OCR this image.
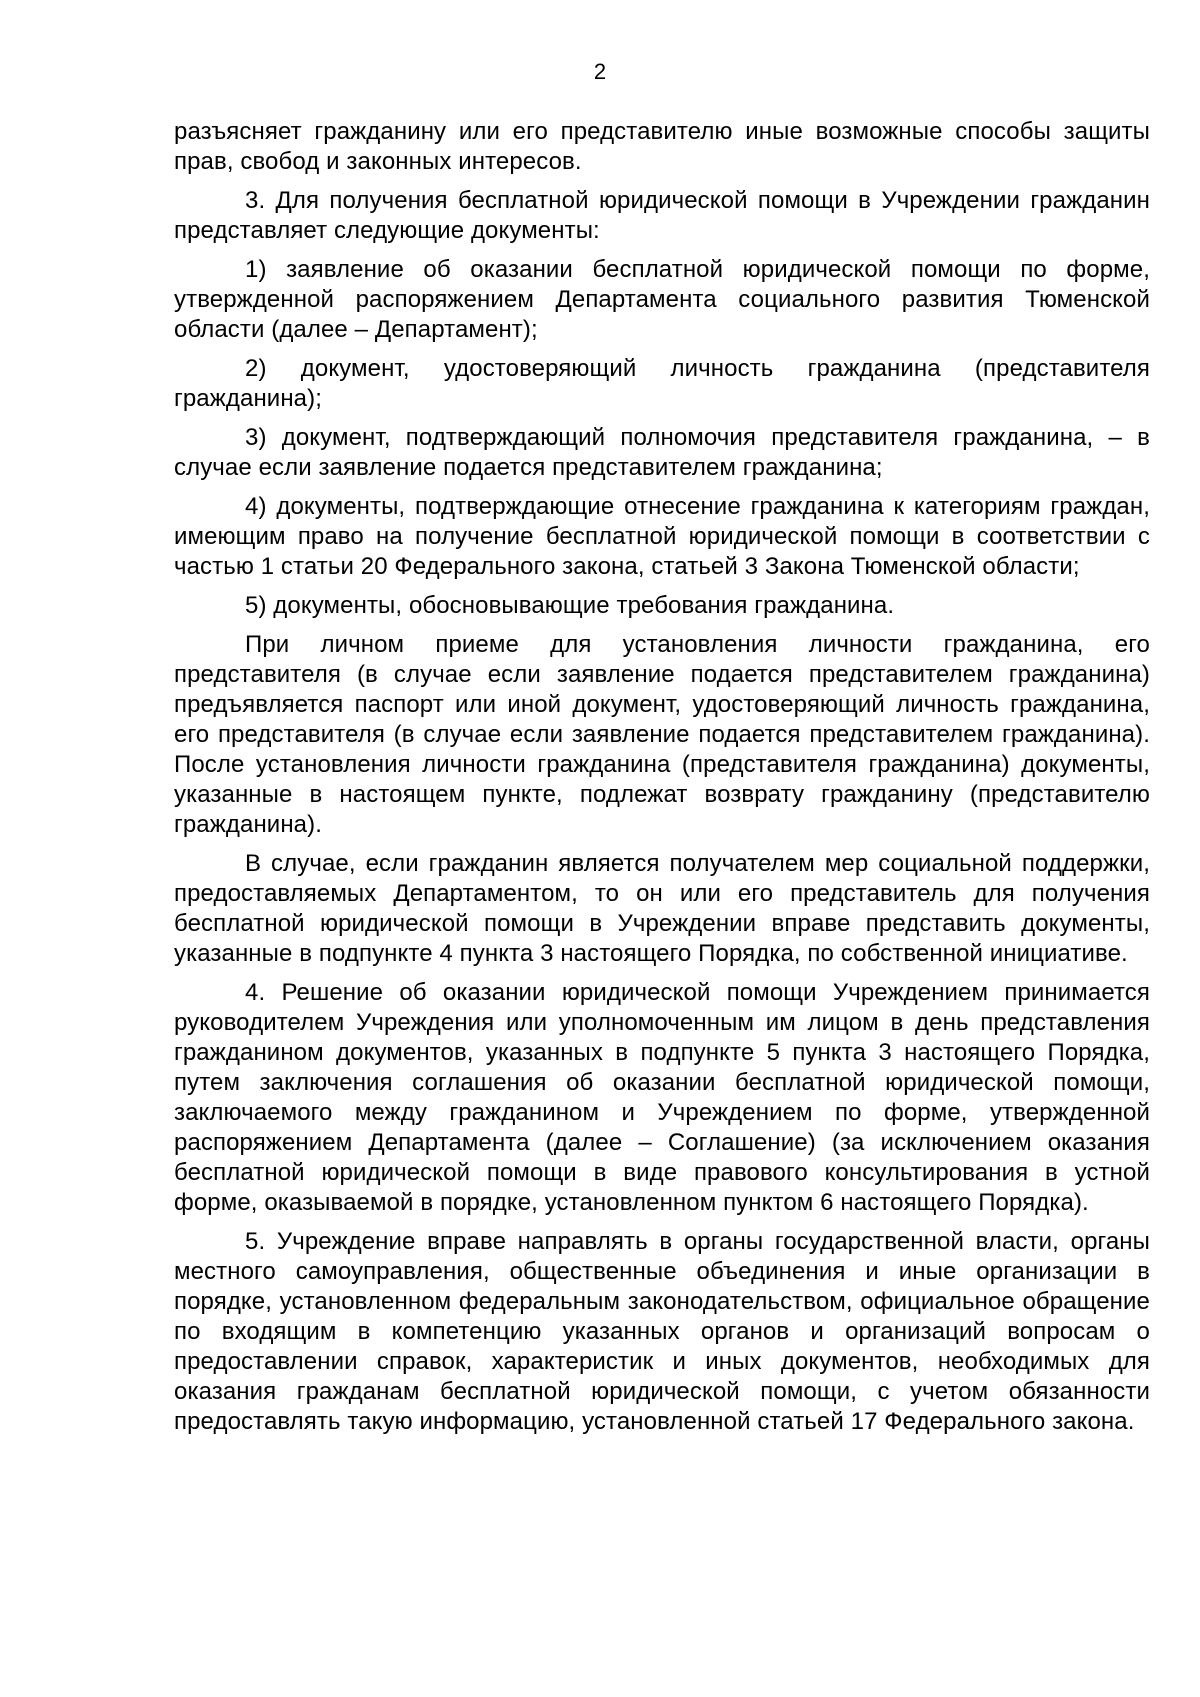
2

разъясняет гражданину или его представителю иные возможные способы защиты прав, свобод и законных интересов.

3. Для получения бесплатной юридической помощи в Учреждении гражданин представляет следующие документы:

1) заявление об оказании бесплатной юридической помощи по форме, утвержденной распоряжением Департамента социального развития Тюменской области (далее – Департамент);

2) документ, удостоверяющий личность гражданина (представителя гражданина);

3) документ, подтверждающий полномочия представителя гражданина, – в случае если заявление подается представителем гражданина;

4) документы, подтверждающие отнесение гражданина к категориям граждан, имеющим право на получение бесплатной юридической помощи в соответствии с частью 1 статьи 20 Федерального закона, статьей 3 Закона Тюменской области;

5) документы, обосновывающие требования гражданина.

При личном приеме для установления личности гражданина, его представителя (в случае если заявление подается представителем гражданина) предъявляется паспорт или иной документ, удостоверяющий личность гражданина, его представителя (в случае если заявление подается представителем гражданина). После установления личности гражданина (представителя гражданина) документы, указанные в настоящем пункте, подлежат возврату гражданину (представителю гражданина).

В случае, если гражданин является получателем мер социальной поддержки, предоставляемых Департаментом, то он или его представитель для получения бесплатной юридической помощи в Учреждении вправе представить документы, указанные в подпункте 4 пункта 3 настоящего Порядка, по собственной инициативе.

4. Решение об оказании юридической помощи Учреждением принимается руководителем Учреждения или уполномоченным им лицом в день представления гражданином документов, указанных в подпункте 5 пункта 3 настоящего Порядка, путем заключения соглашения об оказании бесплатной юридической помощи, заключаемого между гражданином и Учреждением по форме, утвержденной распоряжением Департамента (далее – Соглашение) (за исключением оказания бесплатной юридической помощи в виде правового консультирования в устной форме, оказываемой в порядке, установленном пунктом 6 настоящего Порядка).

5. Учреждение вправе направлять в органы государственной власти, органы местного самоуправления, общественные объединения и иные организации в порядке, установленном федеральным законодательством, официальное обращение по входящим в компетенцию указанных органов и организаций вопросам о предоставлении справок, характеристик и иных документов, необходимых для оказания гражданам бесплатной юридической помощи, с учетом обязанности предоставлять такую информацию, установленной статьей 17 Федерального закона.
